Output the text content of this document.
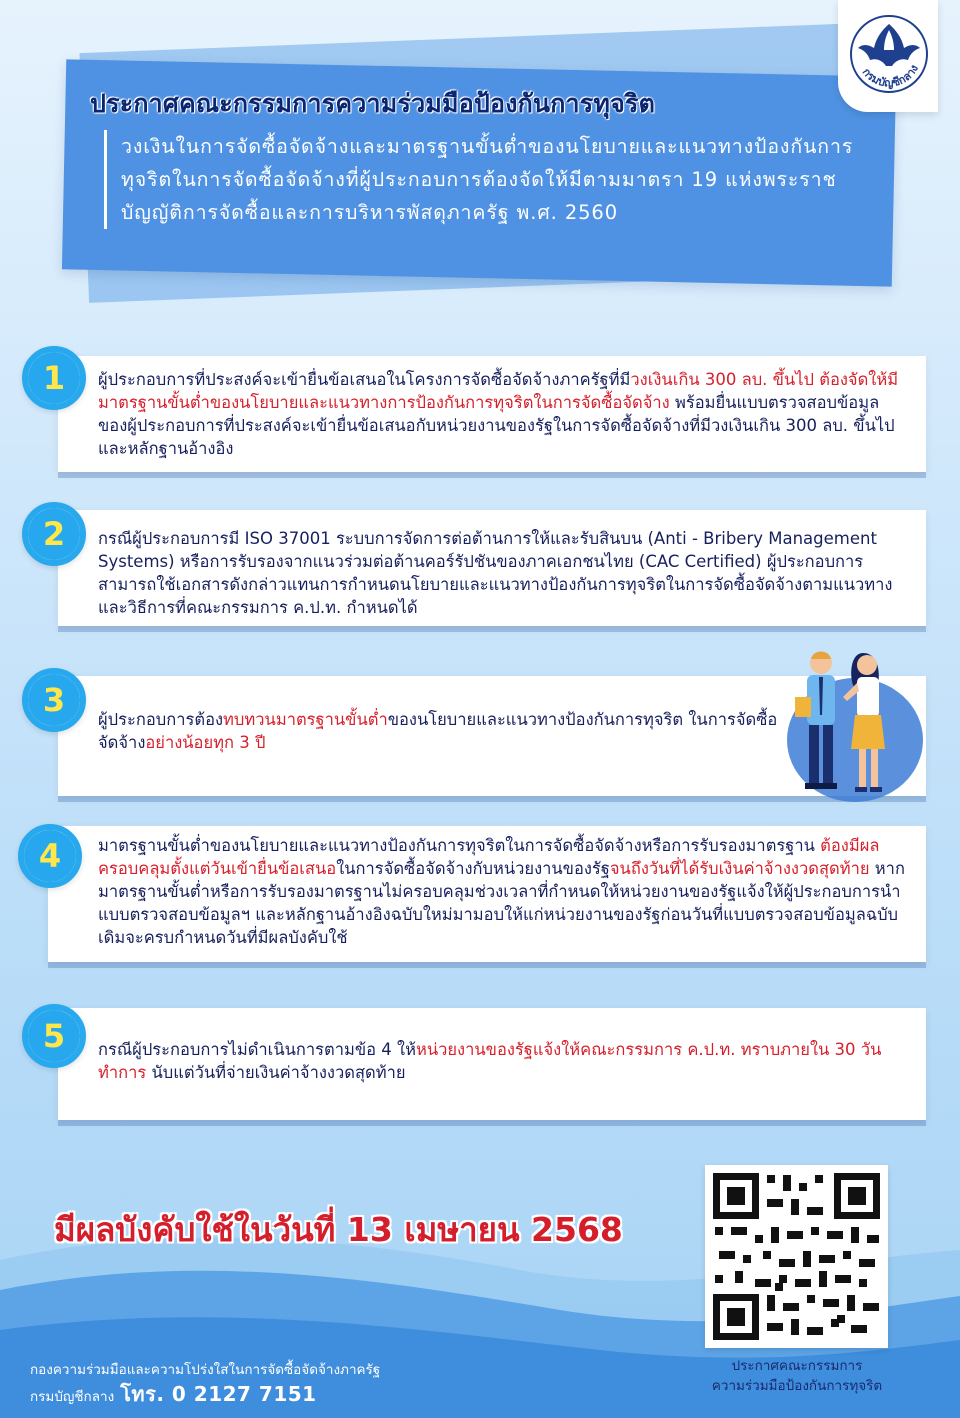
ประกาศคณะกรรมการความร่วมมือป้องกันการทุจริต

วงเงินในการจัดซื้อจัดจ้างและมาตรฐานขั้นต่ำของนโยบายและแนวทางป้องกันการทุจริตในการจัดซื้อจัดจ้างที่ผู้ประกอบการต้องจัดให้มีตามมาตรา 19 แห่งพระราชบัญญัติการจัดซื้อและการบริหารพัสดุภาครัฐ พ.ศ. 2560

กรมบัญชีกลาง
1	ผู้ประกอบการที่ประสงค์จะเข้ายื่นข้อเสนอในโครงการจัดซื้อจัดจ้างภาครัฐที่มีวงเงินเกิน 300 ลบ. ขึ้นไป ต้องจัดให้มีมาตรฐานขั้นต่ำของนโยบายและแนวทางการป้องกันการทุจริตในการจัดซื้อจัดจ้าง พร้อมยื่นแบบตรวจสอบข้อมูลของผู้ประกอบการที่ประสงค์จะเข้ายื่นข้อเสนอกับหน่วยงานของรัฐในการจัดซื้อจัดจ้างที่มีวงเงินเกิน 300 ลบ. ขึ้นไปและหลักฐานอ้างอิง

2	กรณีผู้ประกอบการมี ISO 37001 ระบบการจัดการต่อต้านการให้และรับสินบน (Anti - Bribery Management Systems) หรือการรับรองจากแนวร่วมต่อต้านคอร์รัปชันของภาคเอกชนไทย (CAC Certified) ผู้ประกอบการสามารถใช้เอกสารดังกล่าวแทนการกำหนดนโยบายและแนวทางป้องกันการทุจริตในการจัดซื้อจัดจ้างตามแนวทางและวิธีการที่คณะกรรมการ ค.ป.ท. กำหนดได้

3

ผู้ประกอบการต้องทบทวนมาตรฐานขั้นต่ำของนโยบายและแนวทางป้องกันการทุจริต ในการจัดซื้อจัดจ้างอย่างน้อยทุก 3 ปี

4	มาตรฐานขั้นต่ำของนโยบายและแนวทางป้องกันการทุจริตในการจัดซื้อจัดจ้างหรือการรับรองมาตรฐาน ต้องมีผลครอบคลุมตั้งแต่วันเข้ายื่นข้อเสนอในการจัดซื้อจัดจ้างกับหน่วยงานของรัฐจนถึงวันที่ได้รับเงินค่าจ้างงวดสุดท้าย หากมาตรฐานขั้นต่ำหรือการรับรองมาตรฐานไม่ครอบคลุมช่วงเวลาที่กำหนดให้หน่วยงานของรัฐแจ้งให้ผู้ประกอบการนำแบบตรวจสอบข้อมูลฯ และหลักฐานอ้างอิงฉบับใหม่มามอบให้แก่หน่วยงานของรัฐก่อนวันที่แบบตรวจสอบข้อมูลฉบับเดิมจะครบกำหนดวันที่มีผลบังคับใช้

5	กรณีผู้ประกอบการไม่ดำเนินการตามข้อ 4 ให้หน่วยงานของรัฐแจ้งให้คณะกรรมการ ค.ป.ท. ทราบภายใน 30 วันทำการ นับแต่วันที่จ่ายเงินค่าจ้างงวดสุดท้าย

มีผลบังคับใช้ในวันที่ 13 เมษายน 2568

ประกาศคณะกรรมการ
ความร่วมมือป้องกันการทุจริต

กองความร่วมมือและความโปร่งใสในการจัดซื้อจัดจ้างภาครัฐ

กรมบัญชีกลาง โทร. 0 2127 7151
